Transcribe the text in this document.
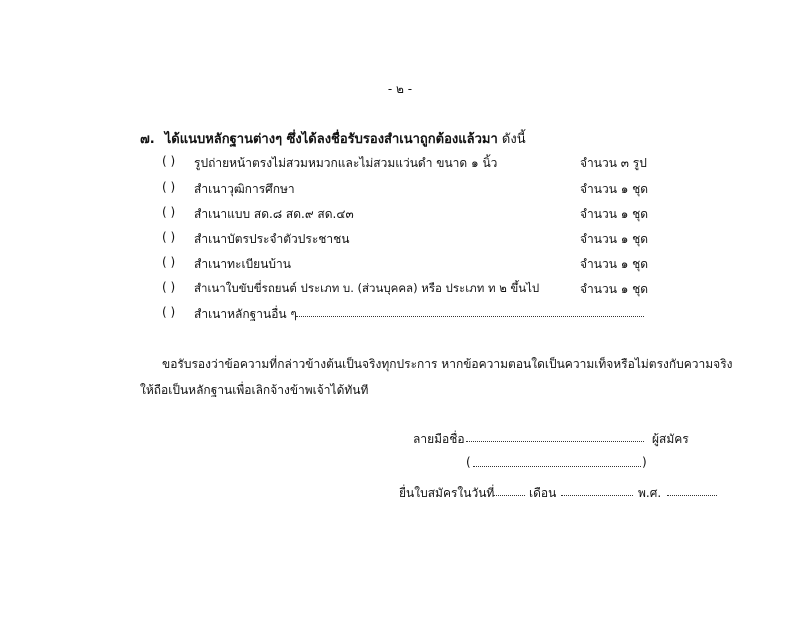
- ๒ -
๗. ได้แนบหลักฐานต่างๆ ซึ่งได้ลงชื่อรับรองสำเนาถูกต้องแล้วมา ดังนี้
( ) รูปถ่ายหน้าตรงไม่สวมหมวกและไม่สวมแว่นดำ ขนาด ๑ นิ้ว	จำนวน ๓ รูป
( ) สำเนาวุฒิการศึกษา	จำนวน ๑ ชุด
( ) สำเนาแบบ สด.๘ สด.๙ สด.๔๓	จำนวน ๑ ชุด
( ) สำเนาบัตรประจำตัวประชาชน	จำนวน ๑ ชุด
( ) สำเนาทะเบียนบ้าน	จำนวน ๑ ชุด
( ) สำเนาใบขับขี่รถยนต์ ประเภท บ. (ส่วนบุคคล) หรือ ประเภท ท ๒ ขึ้นไป	จำนวน ๑ ชุด
( ) สำเนาหลักฐานอื่น ๆ
ขอรับรองว่าข้อความที่กล่าวข้างต้นเป็นจริงทุกประการ หากข้อความตอนใดเป็นความเท็จหรือไม่ตรงกับความจริง
ให้ถือเป็นหลักฐานเพื่อเลิกจ้างข้าพเจ้าได้ทันที
ลายมือชื่อ	ผู้สมัคร
(	)
ยื่นใบสมัครในวันที่	เดือน	พ.ศ.
